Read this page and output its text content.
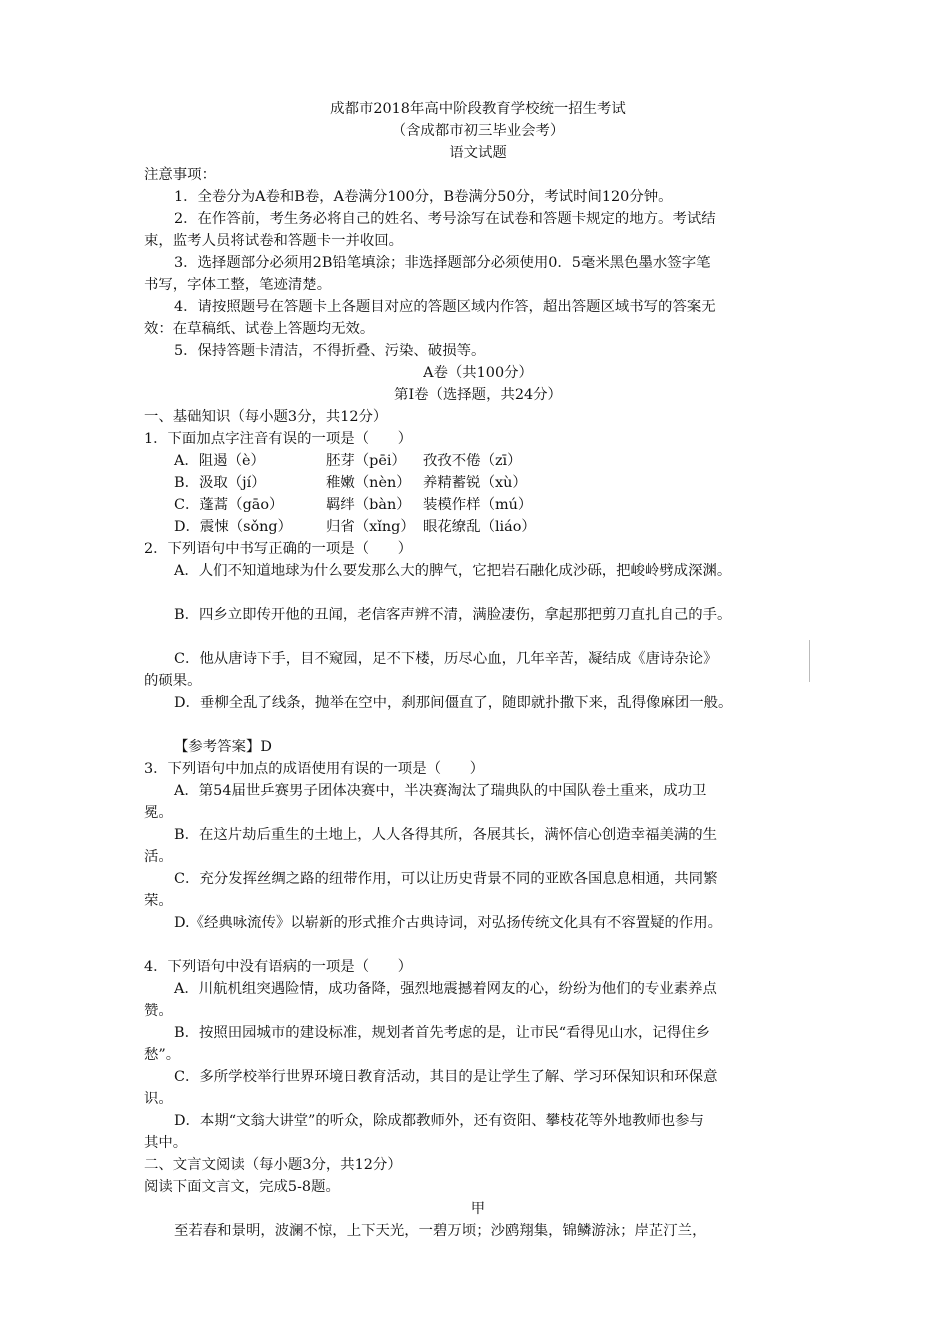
成都市2018年高中阶段教育学校统一招生考试
（含成都市初三毕业会考）
语文试题
注意事项：
1．全卷分为A卷和B卷，A卷满分100分，B卷满分50分，考试时间120分钟。
2．在作答前，考生务必将自己的姓名、考号涂写在试卷和答题卡规定的地方。考试结
束，监考人员将试卷和答题卡一并收回。
3．选择题部分必须用2B铅笔填涂；非选择题部分必须使用0．5毫米黑色墨水签字笔
书写，字体工整，笔迹清楚。
4．请按照题号在答题卡上各题目对应的答题区域内作答，超出答题区域书写的答案无
效：在草稿纸、试卷上答题均无效。
5．保持答题卡清洁，不得折叠、污染、破损等。
A卷（共100分）
第Ⅰ卷（选择题，共24分）
一、基础知识（每小题3分，共12分）
1．下面加点字注音有误的一项是（　　）
A．阻遏（è）	胚芽（pēi）	孜孜不倦（zī）
B．汲取（jí）	稚嫩（nèn） 养精蓄锐（xù）
C．蓬蒿（gāo）	羁绊（bàn） 装模作样（mú）
D．震悚（sǒng）	归省（xǐng） 眼花缭乱（liáo）
2．下列语句中书写正确的一项是（　　）
A．人们不知道地球为什么要发那么大的脾气，它把岩石融化成沙砾，把峻岭劈成深渊。
B．四乡立即传开他的丑闻，老信客声辨不清，满脸凄伤，拿起那把剪刀直扎自己的手。
C．他从唐诗下手，目不窥园，足不下楼，历尽心血，几年辛苦，凝结成《唐诗杂论》
的硕果。
D．垂柳全乱了线条，抛举在空中，刹那间僵直了，随即就扑撒下来，乱得像麻团一般。
【参考答案】D
3．下列语句中加点的成语使用有误的一项是（　　）
A．第54届世乒赛男子团体决赛中，半决赛淘汰了瑞典队的中国队卷土重来，成功卫
冕。
B．在这片劫后重生的土地上，人人各得其所，各展其长，满怀信心创造幸福美满的生
活。
C．充分发挥丝绸之路的纽带作用，可以让历史背景不同的亚欧各国息息相通，共同繁
荣。
D.《经典咏流传》以崭新的形式推介古典诗词，对弘扬传统文化具有不容置疑的作用。
4．下列语句中没有语病的一项是（　　）
A．川航机组突遇险情，成功备降，强烈地震撼着网友的心，纷纷为他们的专业素养点
赞。
B．按照田园城市的建设标准，规划者首先考虑的是，让市民“看得见山水，记得住乡
愁”。
C．多所学校举行世界环境日教育活动，其目的是让学生了解、学习环保知识和环保意
识。
D．本期“文翁大讲堂”的听众，除成都教师外，还有资阳、攀枝花等外地教师也参与
其中。
二、文言文阅读（每小题3分，共12分）
阅读下面文言文，完成5-8题。
甲
至若春和景明，波澜不惊，上下天光，一碧万顷；沙鸥翔集，锦鳞游泳；岸芷汀兰，
